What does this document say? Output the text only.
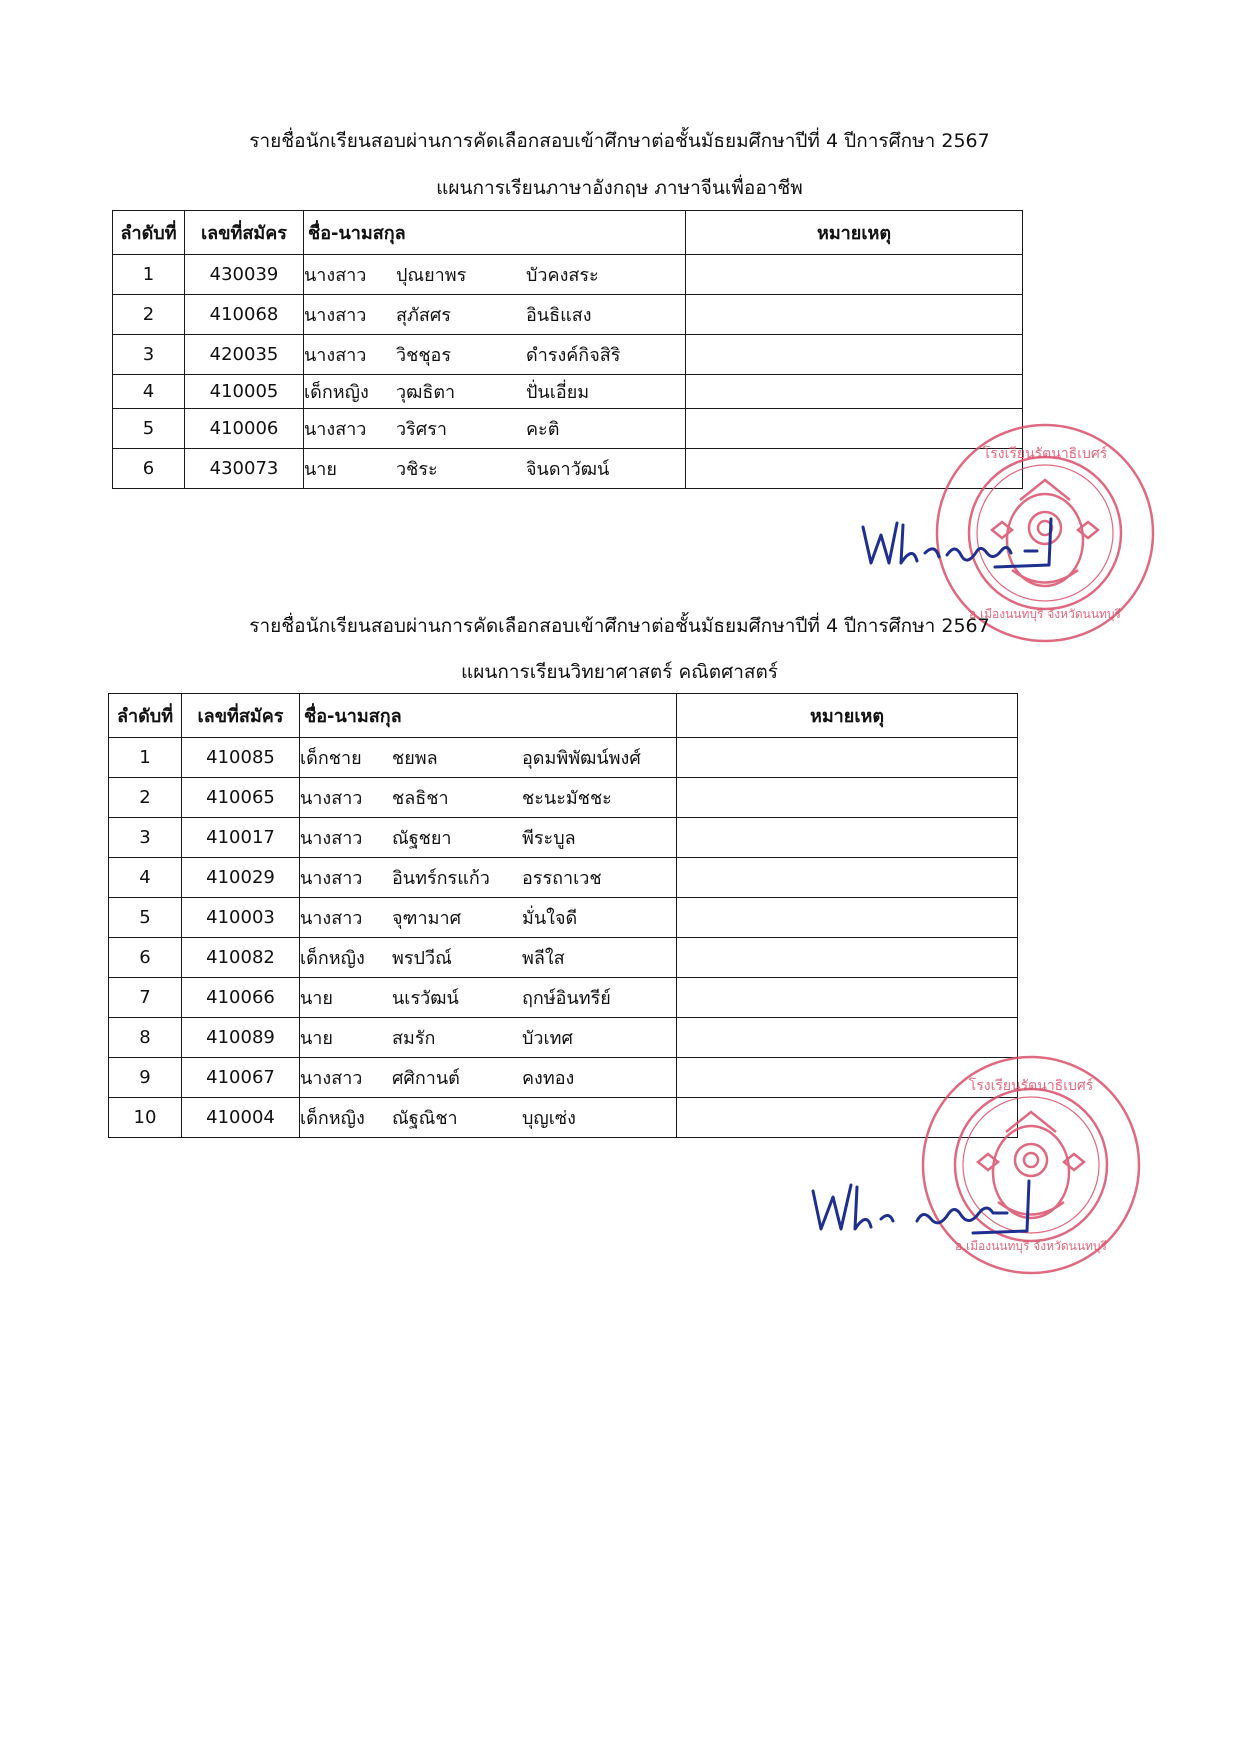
รายชื่อนักเรียนสอบผ่านการคัดเลือกสอบเข้าศึกษาต่อชั้นมัธยมศึกษาปีที่ 4 ปีการศึกษา 2567
แผนการเรียนภาษาอังกฤษ ภาษาจีนเพื่ออาชีพ
ลำดับที่	เลขที่สมัคร	ชื่อ-นามสกุล	หมายเหตุ
1	430039	นางสาว ปุณยาพร บัวคงสระ	
2	410068	นางสาว สุภัสศร อินธิแสง	
3	420035	นางสาว วิชชุอร ดำรงค์กิจสิริ	
4	410005	เด็กหญิง วุฒธิตา ปั่นเอี่ยม	
5	410006	นางสาว วริศรา คะติ	
6	430073	นาย วชิระ จินดาวัฒน์	
โรงเรียนรัตนาธิเบศร์
อ.เมืองนนทบุรี จังหวัดนนทบุรี
รายชื่อนักเรียนสอบผ่านการคัดเลือกสอบเข้าศึกษาต่อชั้นมัธยมศึกษาปีที่ 4 ปีการศึกษา 2567
แผนการเรียนวิทยาศาสตร์ คณิตศาสตร์
ลำดับที่	เลขที่สมัคร	ชื่อ-นามสกุล	หมายเหตุ
1	410085	เด็กชาย ชยพล อุดมพิพัฒน์พงศ์	
2	410065	นางสาว ชลธิชา ชะนะมัชชะ	
3	410017	นางสาว ณัฐชยา พีระบูล	
4	410029	นางสาว อินทร์กรแก้ว อรรถาเวช	
5	410003	นางสาว จุฑามาศ มั่นใจดี	
6	410082	เด็กหญิง พรปวีณ์ พลีใส	
7	410066	นาย นเรวัฒน์ ฤกษ์อินทรีย์	
8	410089	นาย สมรัก บัวเทศ	
9	410067	นางสาว ศศิกานต์ คงทอง	
10	410004	เด็กหญิง ณัฐณิชา บุญเซ่ง	
โรงเรียนรัตนาธิเบศร์
อ.เมืองนนทบุรี จังหวัดนนทบุรี
